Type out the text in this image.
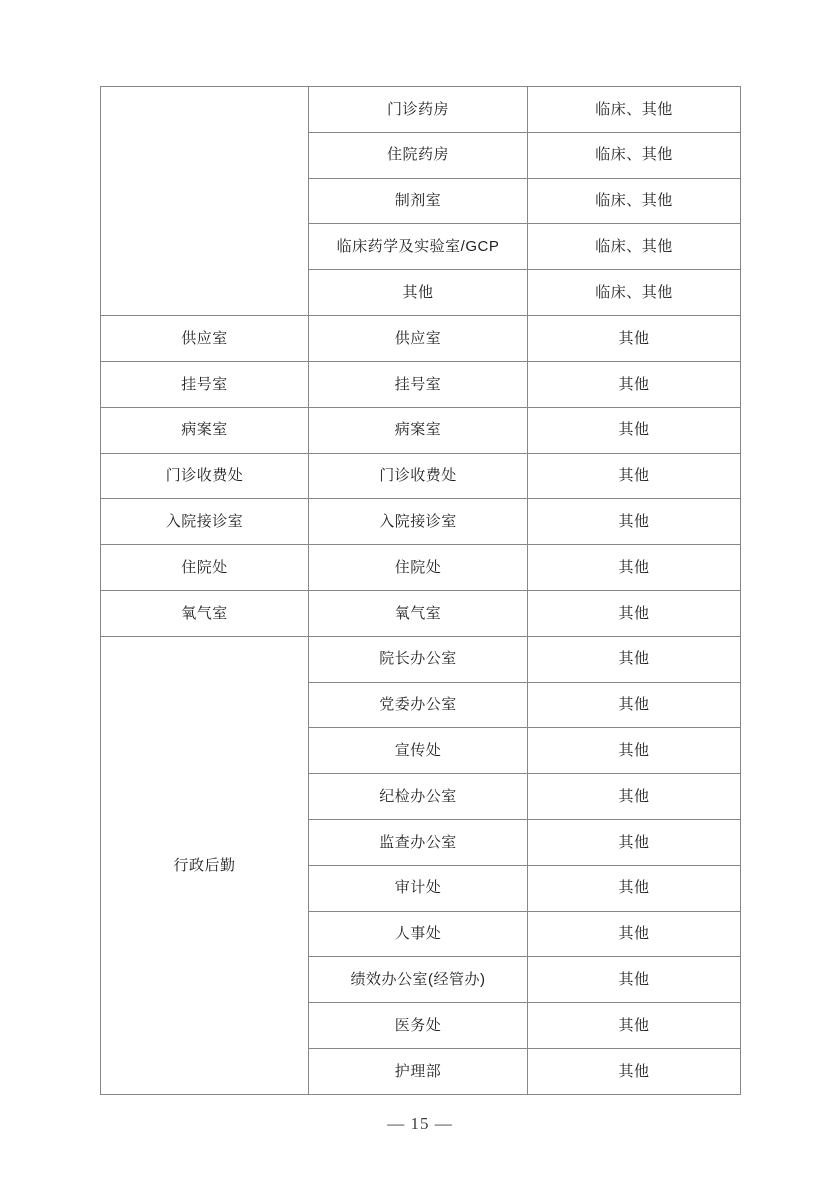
	门诊药房	临床、其他
	住院药房	临床、其他
	制剂室	临床、其他
	临床药学及实验室/GCP	临床、其他
	其他	临床、其他
供应室	供应室	其他
挂号室	挂号室	其他
病案室	病案室	其他
门诊收费处	门诊收费处	其他
入院接诊室	入院接诊室	其他
住院处	住院处	其他
氧气室	氧气室	其他
行政后勤	院长办公室	其他
	党委办公室	其他
	宣传处	其他
	纪检办公室	其他
	监查办公室	其他
	审计处	其他
	人事处	其他
	绩效办公室(经管办)	其他
	医务处	其他
	护理部	其他
— 15 —
